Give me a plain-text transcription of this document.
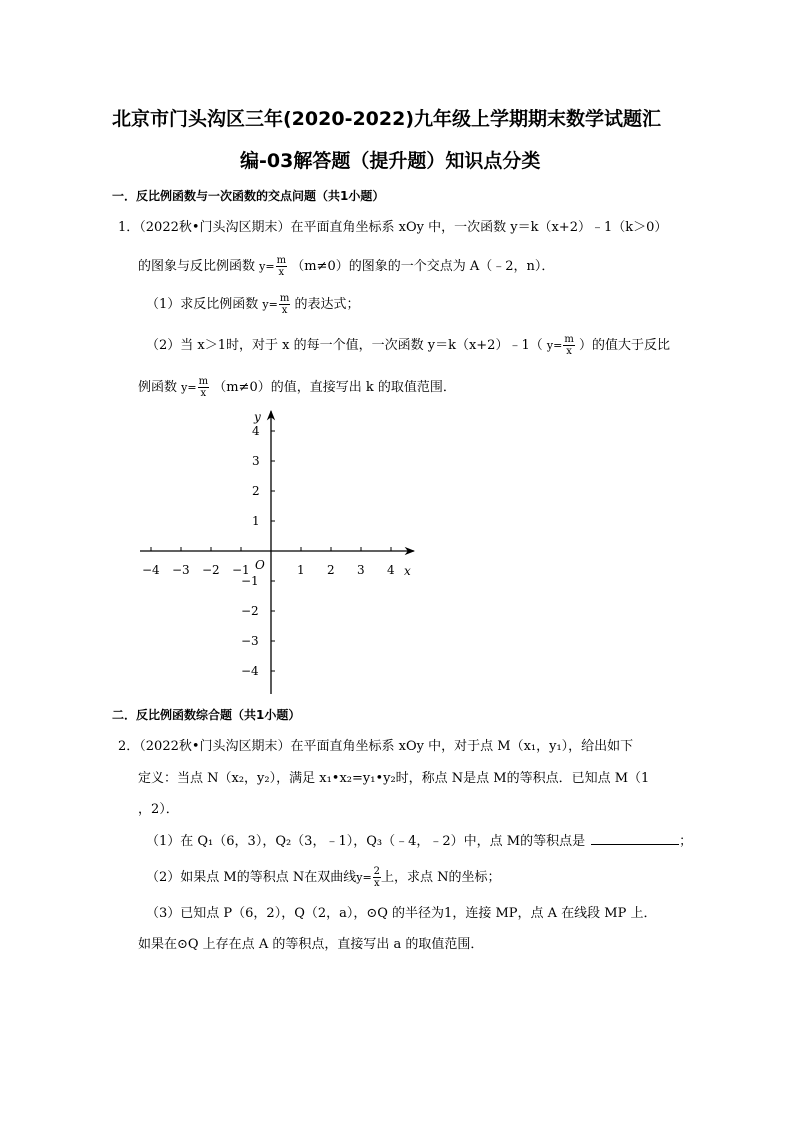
北京市门头沟区三年(2020-2022)九年级上学期期末数学试题汇
编-03解答题（提升题）知识点分类
一．反比例函数与一次函数的交点问题（共1小题）
1．（2022秋•门头沟区期末）在平面直角坐标系 xOy 中，一次函数 y＝k（x+2）﹣1（k＞0）
的图象与反比例函数 $y= \frac{m}{x} (m\ne 0)$的图象的一个交点为 A（﹣2，n）．
（1）求反比例函数 $y= \frac{m}{x}$ 的表达式；
（2）当 x＞1时，对于 x 的每一个值，一次函数 y＝k（x+2）﹣1（ $y= \frac{m}{x}$ ）的值大于反比
例函数 $y= \frac{m}{x} (m\ne 0)$的值，直接写出 k 的取值范围．
−4 −3 −2 −1	1 2 3 4
4
3
2
1
−1
−2
−3
−4
O	x
y
二．反比例函数综合题（共1小题）
2．（2022秋•门头沟区期末）在平面直角坐标系 xOy 中，对于点 M（x₁，y₁），给出如下
定义：当点 N（x₂，y₂），满足 x₁•x₂=y₁•y₂时，称点 N是点 M的等积点．已知点 M（1
，2）．
（1）在 Q₁（6，3），Q₂（3，﹣1），Q₃（﹣4，﹣2）中，点 M的等积点是	；
（2）如果点 M的等积点 N在双曲线 $y= \frac{2}{x}$ 上，求点 N的坐标；
（3）已知点 P（6，2），Q（2，a），⊙Q 的半径为1，连接 MP，点 A 在线段 MP 上．
如果在⊙Q 上存在点 A 的等积点，直接写出 a 的取值范围．
